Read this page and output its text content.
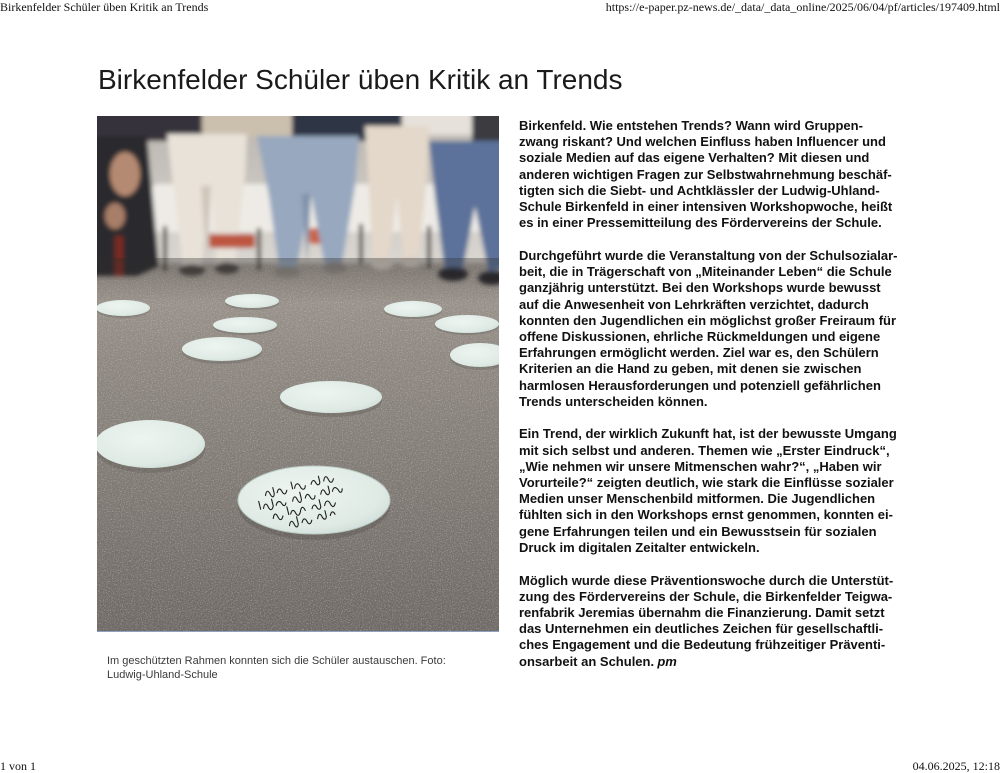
Birkenfelder Schüler üben Kritik an Trends	https://e-paper.pz-news.de/_data/_data_online/2025/06/04/pf/articles/197409.html
Birkenfelder Schüler üben Kritik an Trends
Im geschützten Rahmen konnten sich die Schüler austauschen. Foto:
Ludwig-Uhland-Schule

Birkenfeld. Wie entstehen Trends? Wann wird Gruppen-
zwang riskant? Und welchen Einfluss haben Influencer und
soziale Medien auf das eigene Verhalten? Mit diesen und
anderen wichtigen Fragen zur Selbstwahrnehmung beschäf-
tigten sich die Siebt- und Achtklässler der Ludwig-Uhland-
Schule Birkenfeld in einer intensiven Workshopwoche, heißt
es in einer Pressemitteilung des Fördervereins der Schule.

Durchgeführt wurde die Veranstaltung von der Schulsozialar-
beit, die in Trägerschaft von „Miteinander Leben“ die Schule
ganzjährig unterstützt. Bei den Workshops wurde bewusst
auf die Anwesenheit von Lehrkräften verzichtet, dadurch
konnten den Jugendlichen ein möglichst großer Freiraum für
offene Diskussionen, ehrliche Rückmeldungen und eigene
Erfahrungen ermöglicht werden. Ziel war es, den Schülern
Kriterien an die Hand zu geben, mit denen sie zwischen
harmlosen Herausforderungen und potenziell gefährlichen
Trends unterscheiden können.

Ein Trend, der wirklich Zukunft hat, ist der bewusste Umgang
mit sich selbst und anderen. Themen wie „Erster Eindruck“,
„Wie nehmen wir unsere Mitmenschen wahr?“, „Haben wir
Vorurteile?“ zeigten deutlich, wie stark die Einflüsse sozialer
Medien unser Menschenbild mitformen. Die Jugendlichen
fühlten sich in den Workshops ernst genommen, konnten ei-
gene Erfahrungen teilen und ein Bewusstsein für sozialen
Druck im digitalen Zeitalter entwickeln.

Möglich wurde diese Präventionswoche durch die Unterstüt-
zung des Fördervereins der Schule, die Birkenfelder Teigwa-
renfabrik Jeremias übernahm die Finanzierung. Damit setzt
das Unternehmen ein deutliches Zeichen für gesellschaftli-
ches Engagement und die Bedeutung frühzeitiger Präventi-
onsarbeit an Schulen. pm

1 von 1	04.06.2025, 12:18
